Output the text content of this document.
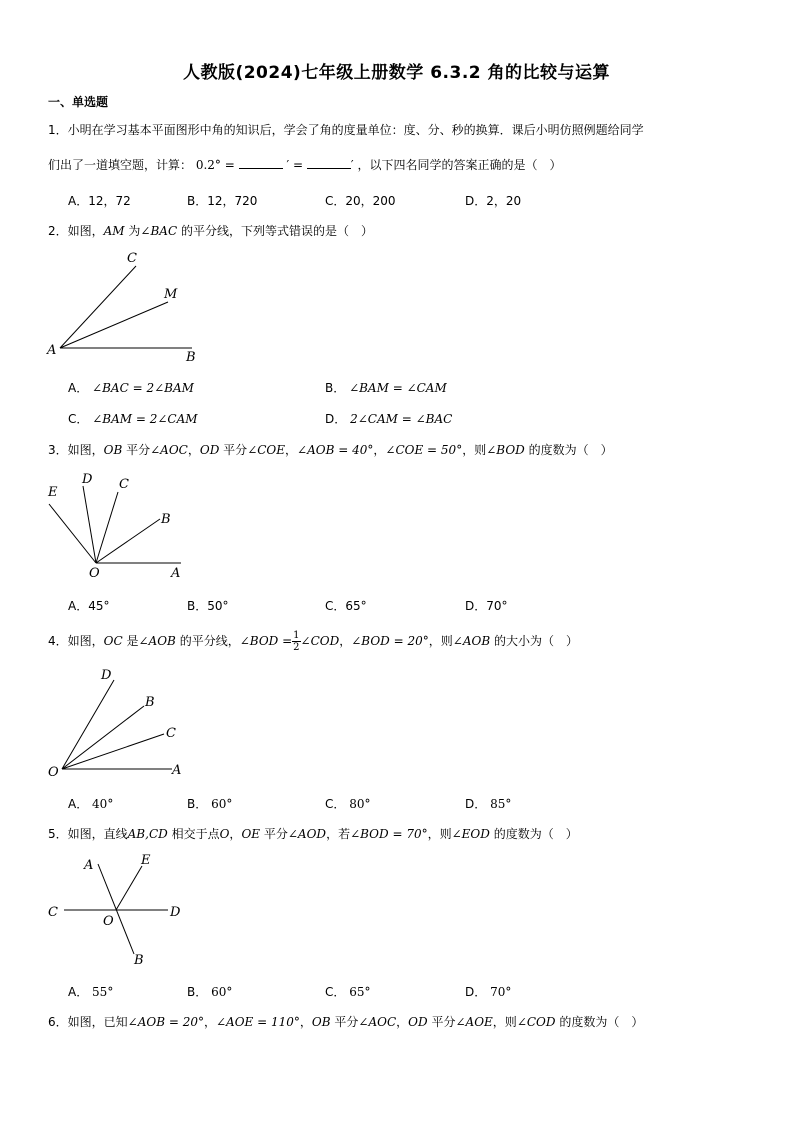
人教版(2024)七年级上册数学 6.3.2 角的比较与运算
一、单选题
1．小明在学习基本平面图形中角的知识后，学会了角的度量单位：度、分、秒的换算．课后小明仿照例题给同学
们出了一道填空题，计算： 0.2° =	′ =	′ ，以下四名同学的答案正确的是（　）
A．12，72	B．12，720	C．20，200	D．2，20
2．如图，AM 为∠BAC 的平分线，下列等式错误的是（　）
C
M
A	B
A． ∠BAC = 2∠BAM	B． ∠BAM = ∠CAM
C． ∠BAM = 2∠CAM	D． 2∠CAM = ∠BAC
3．如图，OB 平分∠AOC，OD 平分∠COE，∠AOB = 40°，∠COE = 50°，则∠BOD 的度数为（　）
E
D C
B
O	A
A．45°	B．50°	C．65°	D．70°
4．如图，OC 是∠AOB 的平分线，∠BOD = $\frac{1}{2}$ ∠COD，∠BOD = 20°，则∠AOB 的大小为（　）
D
B
C
O	A
A． 40°	B． 60°	C． 80°	D． 85°
5．如图，直线AB,CD 相交于点O，OE 平分∠AOD，若∠BOD = 70°，则∠EOD 的度数为（　）
A	E
C	D
O
B
A． 55°	B． 60°	C． 65°	D． 70°
6．如图，已知∠AOB = 20°，∠AOE = 110°，OB 平分∠AOC，OD 平分∠AOE，则∠COD 的度数为（　）
